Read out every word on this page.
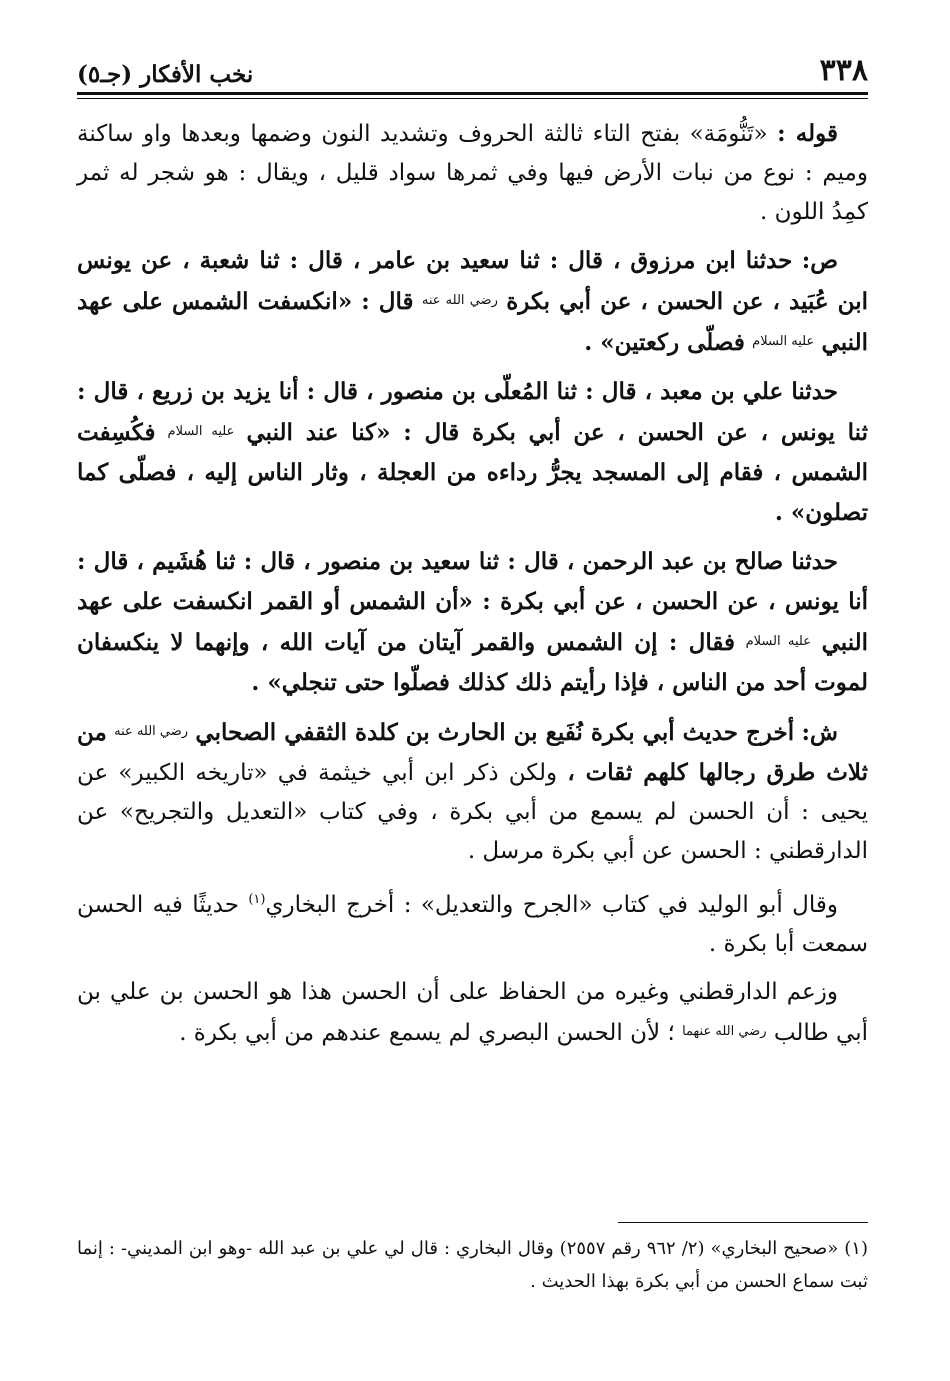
٣٣٨
نخب الأفكار (جـ٥)

قوله : «تَنُّومَة» بفتح التاء ثالثة الحروف وتشديد النون وضمها وبعدها واو ساكنة وميم : نوع من نبات الأرض فيها وفي ثمرها سواد قليل ، ويقال : هو شجر له ثمر كمِدُ اللون .

ص: حدثنا ابن مرزوق ، قال : ثنا سعيد بن عامر ، قال : ثنا شعبة ، عن يونس ابن عُبَيد ، عن الحسن ، عن أبي بكرة $^{رضي الله عنه}$ قال : «انكسفت الشمس على عهد النبي $^{عليه السلام}$ فصلّى ركعتين» .

حدثنا علي بن معبد ، قال : ثنا المُعلّى بن منصور ، قال : أنا يزيد بن زريع ، قال : ثنا يونس ، عن الحسن ، عن أبي بكرة قال : «كنا عند النبي $^{عليه السلام}$ فكُسِفت الشمس ، فقام إلى المسجد يجرُّ رداءه من العجلة ، وثار الناس إليه ، فصلّى كما تصلون» .

حدثنا صالح بن عبد الرحمن ، قال : ثنا سعيد بن منصور ، قال : ثنا هُشَيم ، قال : أنا يونس ، عن الحسن ، عن أبي بكرة : «أن الشمس أو القمر انكسفت على عهد النبي $^{عليه السلام}$ فقال : إن الشمس والقمر آيتان من آيات الله ، وإنهما لا ينكسفان لموت أحد من الناس ، فإذا رأيتم ذلك كذلك فصلّوا حتى تنجلي» .

ش: أخرج حديث أبي بكرة نُفَيع بن الحارث بن كلدة الثقفي الصحابي $^{رضي الله عنه}$ من ثلاث طرق رجالها كلهم ثقات ، ولكن ذكر ابن أبي خيثمة في «تاريخه الكبير» عن يحيى : أن الحسن لم يسمع من أبي بكرة ، وفي كتاب «التعديل والتجريح» عن الدارقطني : الحسن عن أبي بكرة مرسل .

وقال أبو الوليد في كتاب «الجرح والتعديل» : أخرج البخاري$^{(١)}$ حديثًا فيه الحسن سمعت أبا بكرة .

وزعم الدارقطني وغيره من الحفاظ على أن الحسن هذا هو الحسن بن علي بن أبي طالب $^{رضي الله عنهما}$ ؛ لأن الحسن البصري لم يسمع عندهم من أبي بكرة .

(١) «صحيح البخاري» (٢/ ٩٦٢ رقم ٢٥٥٧) وقال البخاري : قال لي علي بن عبد الله -وهو ابن المديني- : إنما ثبت سماع الحسن من أبي بكرة بهذا الحديث .
